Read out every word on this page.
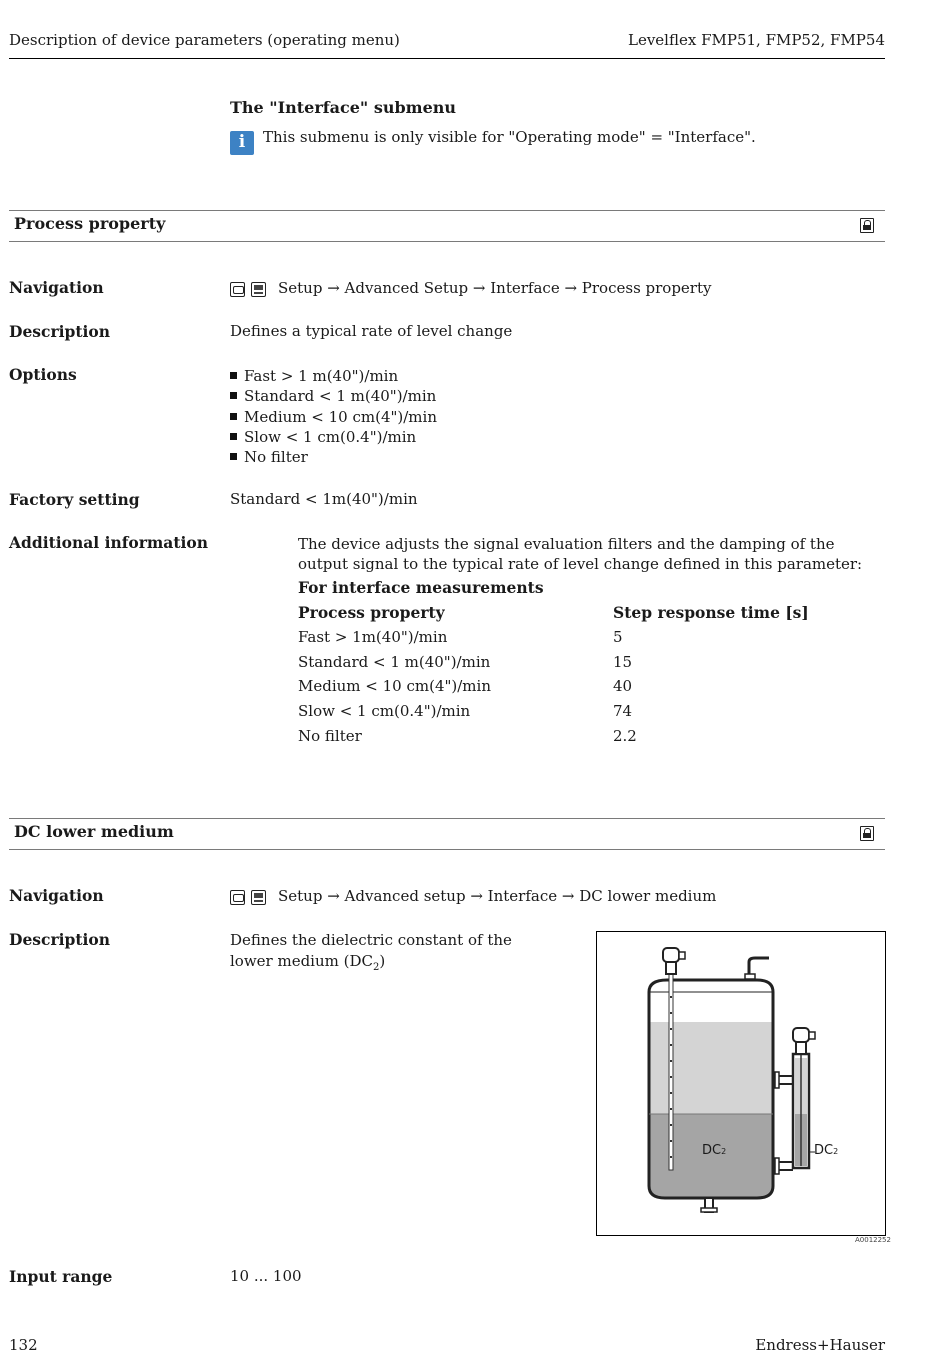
Description of device parameters (operating menu)	Levelflex FMP51, FMP52, FMP54
The "Interface" submenu
i	This submenu is only visible for "Operating mode" = "Interface".
Process property
Navigation	Setup → Advanced Setup → Interface → Process property
Description	Defines a typical rate of level change
Options	Fast > 1 m(40")/min
Standard < 1 m(40")/min
Medium < 10 cm(4")/min
Slow < 1 cm(0.4")/min
No filter
Factory setting	Standard < 1m(40")/min
Additional information	The device adjusts the signal evaluation filters and the damping of the output signal to the typical rate of level change defined in this parameter:
For interface measurements
Process property	Step response time [s]
Fast > 1m(40")/min	5
Standard < 1 m(40")/min	15
Medium < 10 cm(4")/min	40
Slow < 1 cm(0.4")/min	74
No filter	2.2
DC lower medium
Navigation	Setup → Advanced setup → Interface → DC lower medium
Description	Defines the dielectric constant of the lower medium $(DC_2)$
DC2	DC2
A0012252
Input range	10 ... 100
132	Endress+Hauser
